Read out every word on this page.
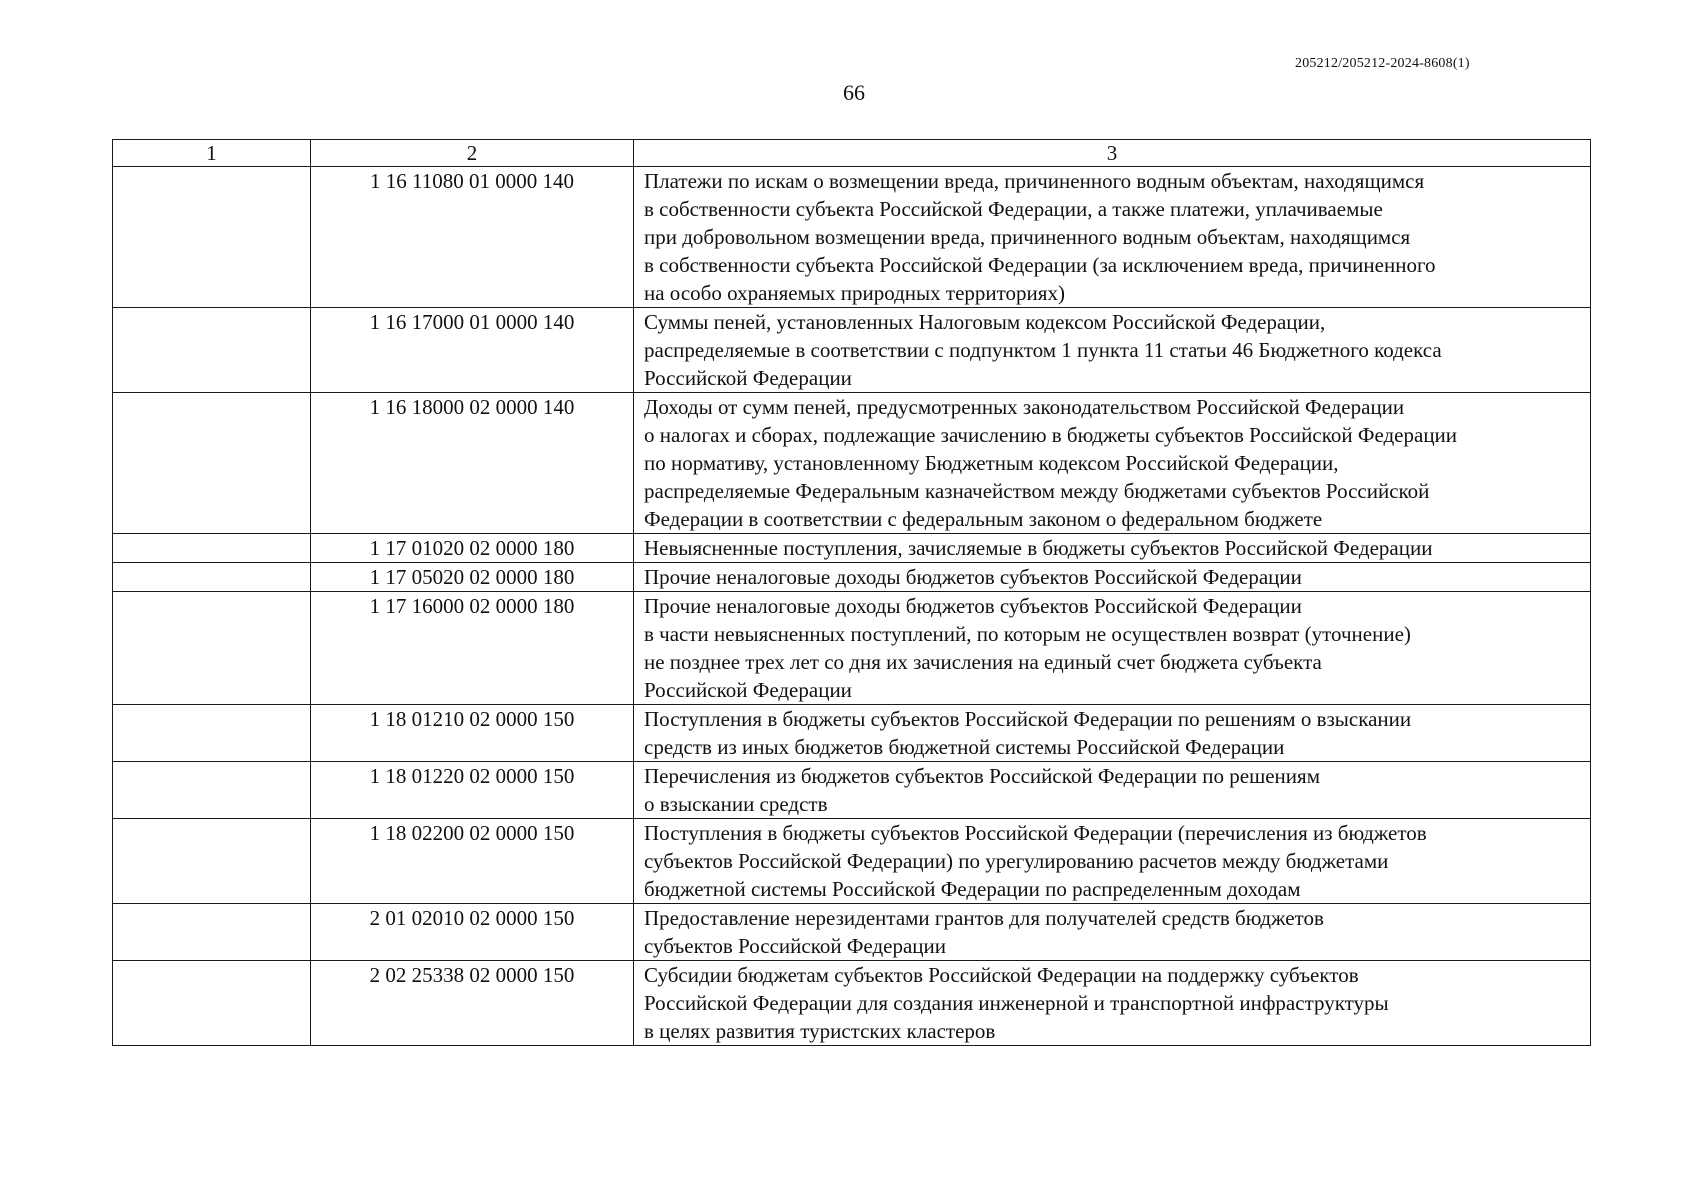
205212/205212-2024-8608(1)
66
1	2	3
	1 16 11080 01 0000 140	Платежи по искам о возмещении вреда, причиненного водным объектам, находящимся
в собственности субъекта Российской Федерации, а также платежи, уплачиваемые
при добровольном возмещении вреда, причиненного водным объектам, находящимся
в собственности субъекта Российской Федерации (за исключением вреда, причиненного
на особо охраняемых природных территориях)
	1 16 17000 01 0000 140	Суммы пеней, установленных Налоговым кодексом Российской Федерации,
распределяемые в соответствии с подпунктом 1 пункта 11 статьи 46 Бюджетного кодекса
Российской Федерации
	1 16 18000 02 0000 140	Доходы от сумм пеней, предусмотренных законодательством Российской Федерации
о налогах и сборах, подлежащие зачислению в бюджеты субъектов Российской Федерации
по нормативу, установленному Бюджетным кодексом Российской Федерации,
распределяемые Федеральным казначейством между бюджетами субъектов Российской
Федерации в соответствии с федеральным законом о федеральном бюджете
	1 17 01020 02 0000 180	Невыясненные поступления, зачисляемые в бюджеты субъектов Российской Федерации
	1 17 05020 02 0000 180	Прочие неналоговые доходы бюджетов субъектов Российской Федерации
	1 17 16000 02 0000 180	Прочие неналоговые доходы бюджетов субъектов Российской Федерации
в части невыясненных поступлений, по которым не осуществлен возврат (уточнение)
не позднее трех лет со дня их зачисления на единый счет бюджета субъекта
Российской Федерации
	1 18 01210 02 0000 150	Поступления в бюджеты субъектов Российской Федерации по решениям о взыскании
средств из иных бюджетов бюджетной системы Российской Федерации
	1 18 01220 02 0000 150	Перечисления из бюджетов субъектов Российской Федерации по решениям
о взыскании средств
	1 18 02200 02 0000 150	Поступления в бюджеты субъектов Российской Федерации (перечисления из бюджетов
субъектов Российской Федерации) по урегулированию расчетов между бюджетами
бюджетной системы Российской Федерации по распределенным доходам
	2 01 02010 02 0000 150	Предоставление нерезидентами грантов для получателей средств бюджетов
субъектов Российской Федерации
	2 02 25338 02 0000 150	Субсидии бюджетам субъектов Российской Федерации на поддержку субъектов
Российской Федерации для создания инженерной и транспортной инфраструктуры
в целях развития туристских кластеров
